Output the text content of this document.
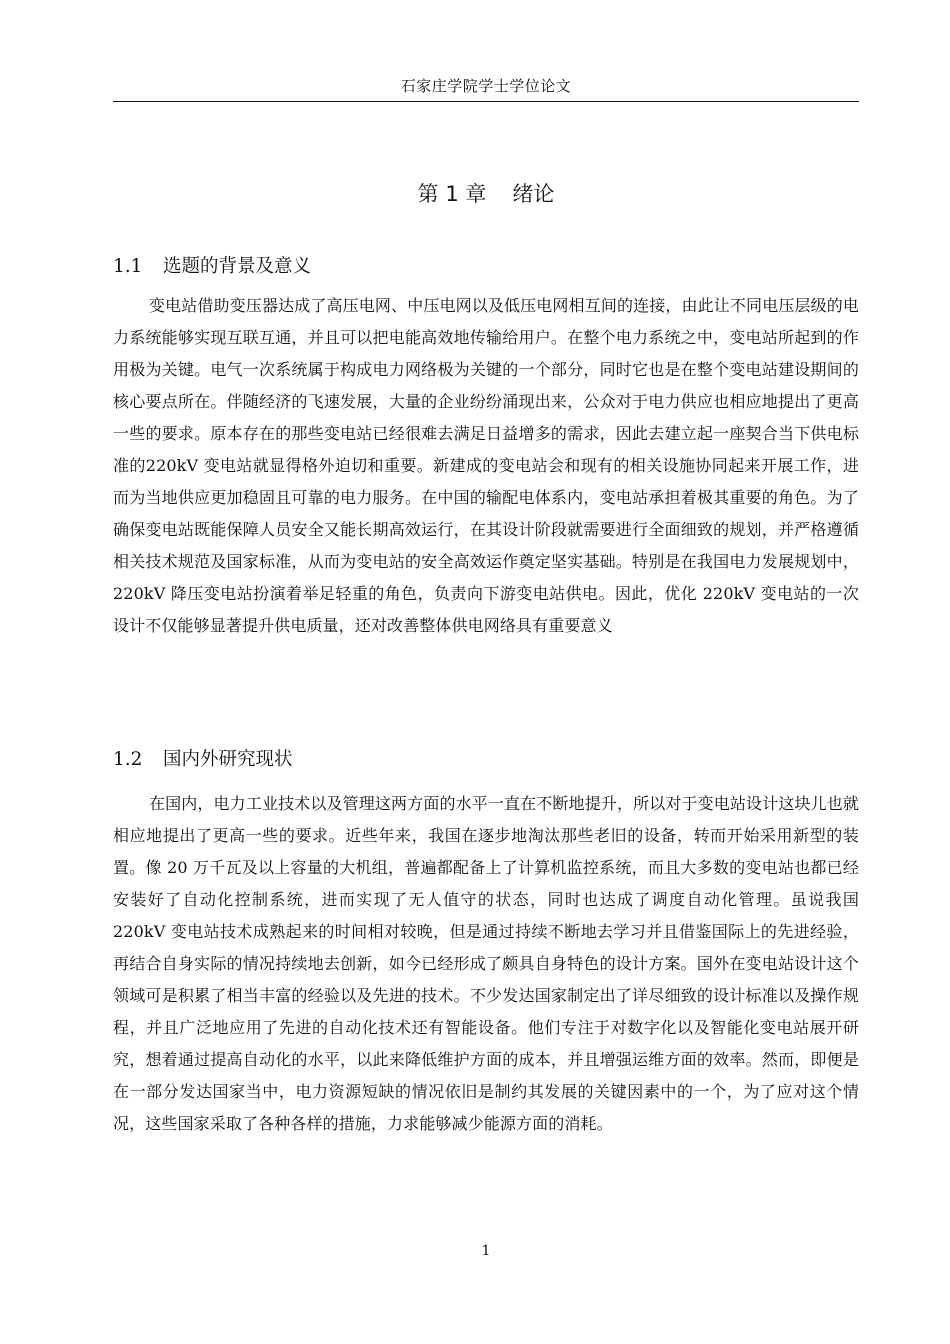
石家庄学院学士学位论文
第 1 章 绪论
1.1 选题的背景及意义

变电站借助变压器达成了高压电网、中压电网以及低压电网相互间的连接，由此让不同电压层级的电力系统能够实现互联互通，并且可以把电能高效地传输给用户。在整个电力系统之中，变电站所起到的作用极为关键。电气一次系统属于构成电力网络极为关键的一个部分，同时它也是在整个变电站建设期间的核心要点所在。伴随经济的飞速发展，大量的企业纷纷涌现出来，公众对于电力供应也相应地提出了更高一些的要求。原本存在的那些变电站已经很难去满足日益增多的需求，因此去建立起一座契合当下供电标准的220kV 变电站就显得格外迫切和重要。新建成的变电站会和现有的相关设施协同起来开展工作，进而为当地供应更加稳固且可靠的电力服务。在中国的输配电体系内，变电站承担着极其重要的角色。为了确保变电站既能保障人员安全又能长期高效运行，在其设计阶段就需要进行全面细致的规划，并严格遵循相关技术规范及国家标准，从而为变电站的安全高效运作奠定坚实基础。特别是在我国电力发展规划中，220kV 降压变电站扮演着举足轻重的角色，负责向下游变电站供电。因此，优化 220kV 变电站的一次设计不仅能够显著提升供电质量，还对改善整体供电网络具有重要意义

1.2 国内外研究现状

在国内，电力工业技术以及管理这两方面的水平一直在不断地提升，所以对于变电站设计这块儿也就相应地提出了更高一些的要求。近些年来，我国在逐步地淘汰那些老旧的设备，转而开始采用新型的装置。像 20 万千瓦及以上容量的大机组，普遍都配备上了计算机监控系统，而且大多数的变电站也都已经安装好了自动化控制系统，进而实现了无人值守的状态，同时也达成了调度自动化管理。虽说我国 220kV 变电站技术成熟起来的时间相对较晚，但是通过持续不断地去学习并且借鉴国际上的先进经验，再结合自身实际的情况持续地去创新，如今已经形成了颇具自身特色的设计方案。国外在变电站设计这个领域可是积累了相当丰富的经验以及先进的技术。不少发达国家制定出了详尽细致的设计标准以及操作规程，并且广泛地应用了先进的自动化技术还有智能设备。他们专注于对数字化以及智能化变电站展开研究，想着通过提高自动化的水平，以此来降低维护方面的成本，并且增强运维方面的效率。然而，即便是在一部分发达国家当中，电力资源短缺的情况依旧是制约其发展的关键因素中的一个，为了应对这个情况，这些国家采取了各种各样的措施，力求能够减少能源方面的消耗。

1
